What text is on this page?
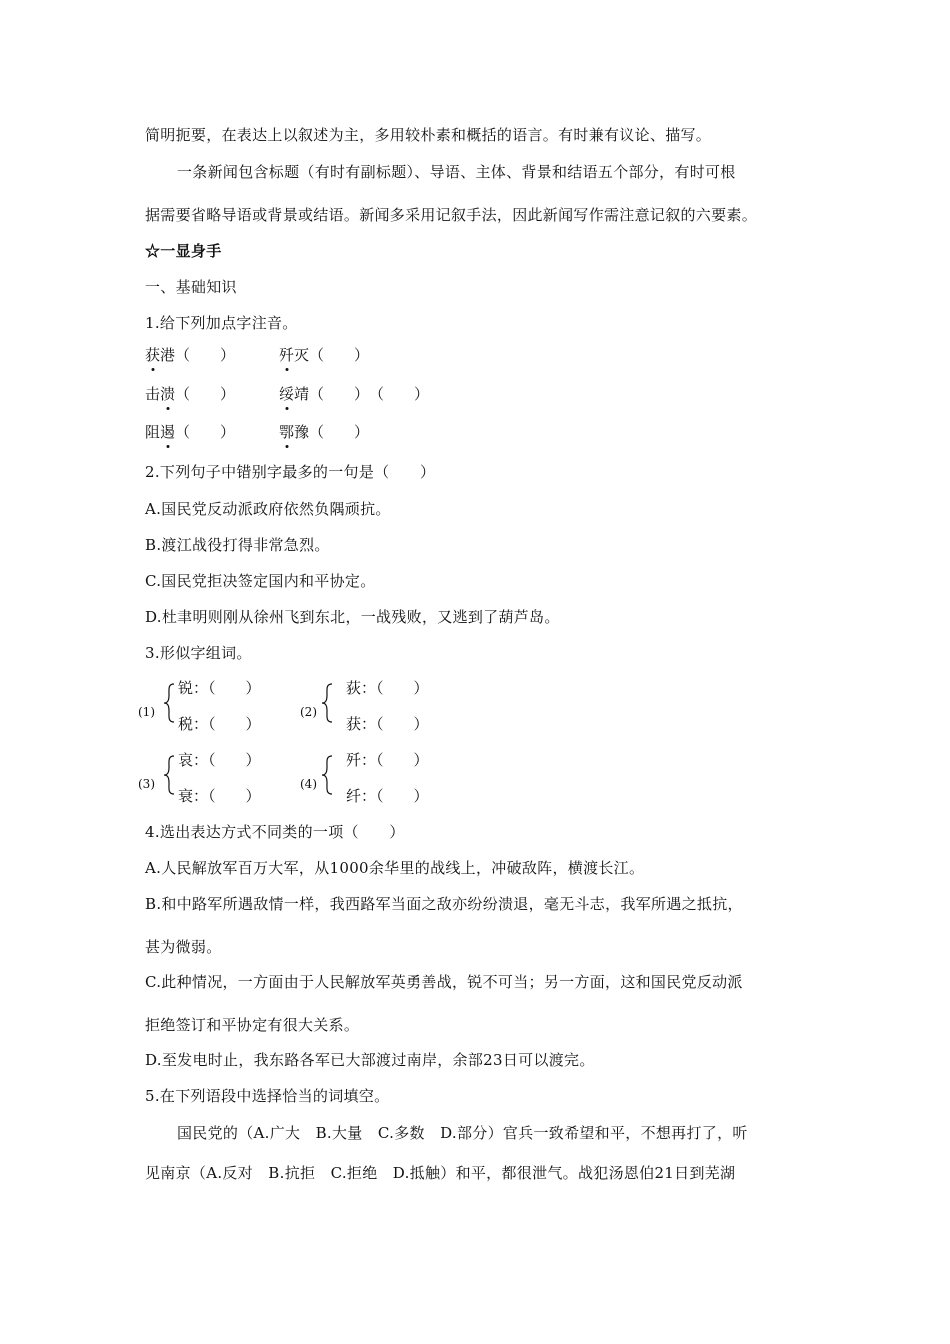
简明扼要，在表达上以叙述为主，多用较朴素和概括的语言。有时兼有议论、描写。
一条新闻包含标题（有时有副标题）、导语、主体、背景和结语五个部分，有时可根
据需要省略导语或背景或结语。新闻多采用记叙手法，因此新闻写作需注意记叙的六要素。
☆一显身手
一、基础知识
1.给下列加点字注音。
获港（　　）	歼灭（　　）
击溃（　　）	绥靖（　　）（　　）
阻遏（　　）	鄂豫（　　）
2.下列句子中错别字最多的一句是（　　）
A.国民党反动派政府依然负隅顽抗。
B.渡江战役打得非常急烈。
C.国民党拒决签定国内和平协定。
D.杜聿明则刚从徐州飞到东北，一战残败，又逃到了葫芦岛。
3.形似字组词。
(1)
锐：（　　）
税：（　　）
(2)
荻：（　　）
获：（　　）
(3)
哀：（　　）
衰：（　　）
(4)
歼：（　　）
纤：（　　）
4.选出表达方式不同类的一项（　　）
A.人民解放军百万大军，从1000余华里的战线上，冲破敌阵，横渡长江。
B.和中路军所遇敌情一样，我西路军当面之敌亦纷纷溃退，毫无斗志，我军所遇之抵抗，
甚为微弱。
C.此种情况，一方面由于人民解放军英勇善战，锐不可当；另一方面，这和国民党反动派
拒绝签订和平协定有很大关系。
D.至发电时止，我东路各军已大部渡过南岸，余部23日可以渡完。
5.在下列语段中选择恰当的词填空。
国民党的（A.广大　B.大量　C.多数　D.部分）官兵一致希望和平，不想再打了，听
见南京（A.反对　B.抗拒　C.拒绝　D.抵触）和平，都很泄气。战犯汤恩伯21日到芜湖
